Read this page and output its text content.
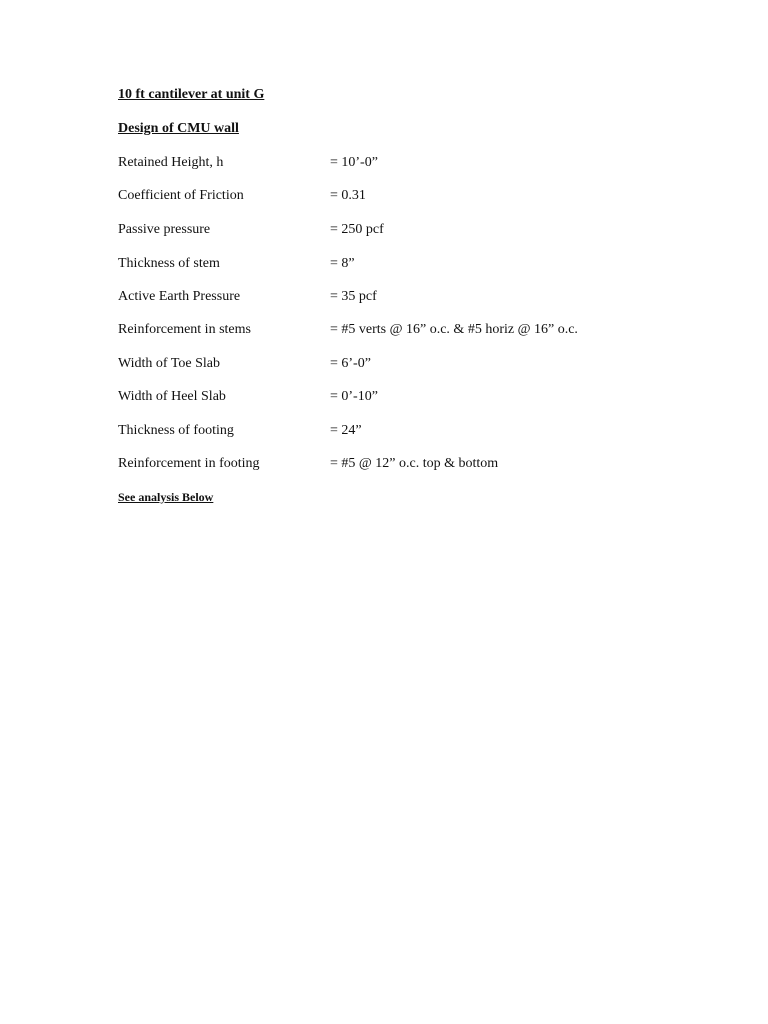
10 ft cantilever at unit G
Design of CMU wall
Retained Height, h	= 10’-0”
Coefficient of Friction	= 0.31
Passive pressure	= 250 pcf
Thickness of stem	= 8”
Active Earth Pressure	= 35 pcf
Reinforcement in stems	= #5 verts @ 16” o.c. & #5 horiz @ 16” o.c.
Width of Toe Slab	= 6’-0”
Width of Heel Slab	= 0’-10”
Thickness of footing	= 24”
Reinforcement in footing	= #5 @ 12” o.c. top & bottom
See analysis Below
